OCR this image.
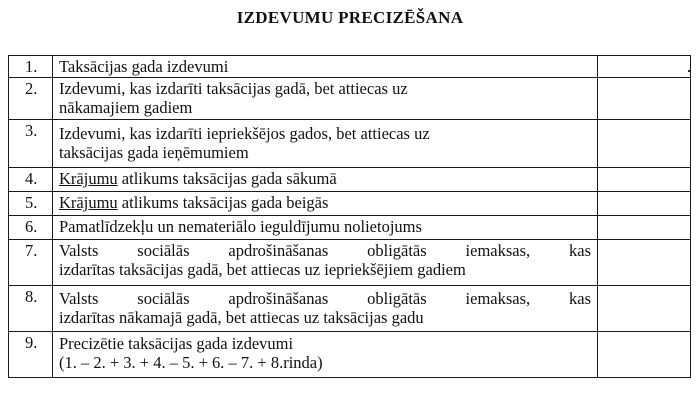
IZDEVUMU PRECIZĒŠANA
1.	Taksācijas gada izdevumi	
2.	Izdevumi, kas izdarīti taksācijas gadā, bet attiecas uz
nākamajiem gadiem	

3.	Izdevumi, kas izdarīti iepriekšējos gados, bet attiecas uz
taksācijas gada ieņēmumiem	

4.	Krājumu atlikums taksācijas gada sākumā	
5.	Krājumu atlikums taksācijas gada beigās	
6.	Pamatlīdzekļu un nemateriālo ieguldījumu nolietojums	
7.	Valsts sociālās apdrošināšanas obligātās iemaksas, kas
izdarītas taksācijas gadā, bet attiecas uz iepriekšējiem gadiem	

8.	Valsts sociālās apdrošināšanas obligātās iemaksas, kas
izdarītas nākamajā gadā, bet attiecas uz taksācijas gadu	

9.	Precizētie taksācijas gada izdevumi
(1. – 2. + 3. + 4. – 5. + 6. – 7. + 8.rinda)	
